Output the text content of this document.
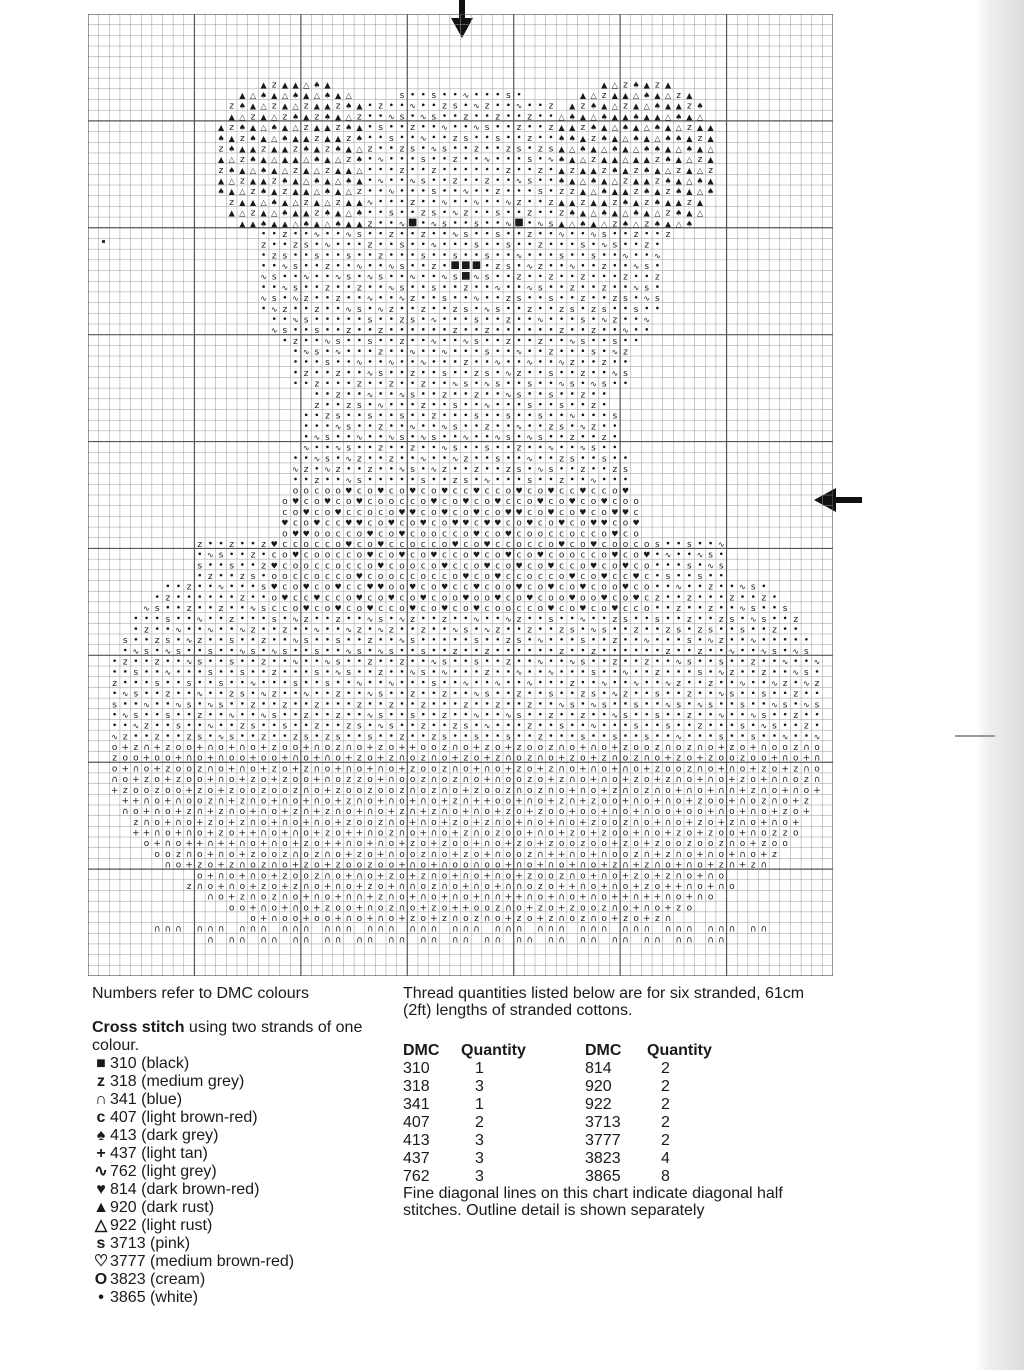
▲ z ▲ ▲ △ ♠ ▲	▲ △ z ♠ ▲ z ▲
▲ △ ♠ ▲ △ ♠ ▲ △ ♠ ▲ △	s	s	∿	s	▲ △ z ▲ ▲ △ ♠ ▲ △ z ▲
z ♠ ▲ △ z ▲ △ z ▲ ▲ z ♠ ▲ z	∿	z s ∿ z	∿	z ▲ z ♠ ▲ △ z ▲ △ ♠ ▲ ▲ z ♠
▲ △ z ▲ △ z ♠ ▲ z ♠ ▲ △ z	∿ s ∿ s	z	z	z	△ ♠ ▲ △ ♠ ▲ ▲ ♠ ▲ ▲ △ ♠ ▲ △
▲ z ♠ ▲ △ ♠ ▲ △ z ▲ ▲ z ♠ ▲ s	z	∿	∿ s	z	z ▲ ▲ z ♠ ▲ △ ♠ ▲ △ ♠ ▲ △ z ▲ ▲
♠ ▲ z ♠ ▲ △ ♠ ▲ ▲ z ▲ ▲ z ♠	s	∿	z s	s	z	♠ ♠ ▲ z ♠ ▲ △ ♠ ▲ △ ♠ ♠ ▲ z ▲
z ♠ ▲ ▲ z ▲ ▲ z ♠ ▲ z ♠ ▲ △ z	z s ∿ s	z	z s z s ▲ △ ♠ ▲ △ ♠ ▲ △ ♠ ♠ ▲ △ ♠ ▲ △
▲ △ z ♠ ▲ △ ▲ ▲ △ ♠ ▲ △ z ♠ ∿	s	z	∿	s ∿ ♠ ▲ △ z ▲ ▲ △ ▲ ▲ z ♠ ▲ △ z ▲
z ♠ ▲ △ ♠ ▲ △ z ▲ △ z ▲ ▲ △	z	z	z	z ▲ z ▲ ▲ z ♠ ▲ z ♠ ▲ △ z ▲ △ z
▲ △ z ▲ ▲ z ♠ ▲ △ ♠ ▲ △ ♠ ▲ ∿	∿ s	z	z	∿ s	♠ ▲ △ ♠ ▲ △ z ▲ ▲ z ♠ ▲ △ ♠ ▲
♠ ▲ △ z ♠ ▲ z ▲ ▲ △ ♠ ▲ △ z	∿	s	∿	z	s z z ▲ △ ♠ ▲ ▲ z ♠ ▲ z ♠ ▲ △ ♠
z ▲ ▲ △ ♠ ▲ △ z ▲ △ z ▲ ▲ ∿	z	∿	∿	∿ z	z ▲ ▲ z ▲ ▲ z ♠ ▲ z ♠ ▲ ▲ z ▲
▲ △ z ▲ △ ♠ ▲ ▲ z ♠ ▲ △ ♠	s	z s ∿ z	s	z	z ♠ ▲ △ ♠ ▲ △ ♠ ▲ △ z ♠ ▲ △
▲ ▲ ♠ ▲ ▲ △ ♠ ▲ △ ♠ ▲ ▲ z	∿	∿ s	s	∿	∿ s ▲ △ ♠ ▲ △ z ♠ △ z ♠ ▲ △ ♠
z	∿	∿ s	z	z	∿ s	s	z	∿	∿ s	z	z
z	z s ∿	z	s	∿	s	s	z	s ∿ s	z
z s	s	s	z	s	s	s	∿	s	s	∿	∿
∿ s	z	∿	∿ s	z	z s ∿ z	∿	z	∿ s
∿ s	∿	∿ s ∿ s	∿	∿ s ∿ s	z	z	z	z	z
∿ s	z	z	∿ s	s	z	∿	∿ s	z	z	∿ s
∿ s ∿ z	z	∿	∿ z	s	∿	z s	s	z	z s ∿ s
∿ z	z	∿ s ∿ z	z	z s ∿ s	z	z s z s	s
∿ s	s	z s ∿	s	z	∿	s ∿ z	∿
∿ s	s	z	z	z	z	z	z	∿
z	∿ s	s	z	∿	∿ s	z	z	∿ s	s
∿ s ∿	z	∿	∿	s	∿	z	s ∿ z
s	∿	∿	∿	z	∿	∿	∿ z	z
z	z	∿ s	z	s	z s ∿ z	s	z	∿ s
z	z	z	z	∿ s ∿ s	s	∿ s ∿ s
z	∿	∿ s	z	z	∿ s	s	z
z	z s ∿	z	s	∿	s	s	z
z s	s	s	z	s	s	s	∿	s
∿ s	z	∿	∿ s	z	∿	z s ∿ z
∿ s	∿	∿ s ∿ s	∿	∿ s ∿ s	z	z
∿	∿ s	z	z	∿ s	s	z	∿	∿ s
∿ s ∿ z	z	∿	∿ z	s	∿	z s	s
∿ z ∿ z	z	∿ s ∿ z	z	z s ∿ s	z	z s
z	∿ s	s	z s ∿	s	z	∿
o o c o o ♥ c o ♥ c o ♥ c o ♥ c c ♥ c c o ♥ c o ♥ c c ♥ c c o ♥
o ♥ c o ♥ c o ♥ c o o c c o ♥ c o ♥ c o ♥ c c o ♥ c o ♥ c o ♥ c o o
c o ♥ c o ♥ c c o c o ♥ ♥ c o ♥ c o ♥ c o ♥ ♥ c o ♥ c o ♥ c o ♥ ♥ c
♥ c o ♥ c c ♥ ♥ c o ♥ c o ♥ c o ♥ ♥ c ♥ ♥ c o ♥ c o ♥ c o ♥ ♥ c o ♥
o ♥ ♥ o o c c o ♥ c o ♥ c o o c c o ♥ c o ♥ c o o c c o c c o ♥ c o
z	z	z ♥ c c o c c o ♥ c o ♥ c c o c c o ♥ c o ♥ c c o c c o ♥ c o ♥ c o o c o s	s	∿
∿ s	z c o ♥ c o o c c o ♥ c o ♥ c o ♥ c c o ♥ c o ♥ c o ♥ c o o c c o ♥ c o ♥ ∿	∿ s
s	s	z ♥ c o o c c o c c o ♥ c o o c o ♥ c c o ♥ c o ♥ c o ♥ c c o ♥ c o ♥ c o	s ∿ s
z	z s o o c c o c c o ♥ c o o c c o c c o ♥ c o ♥ c c o c c o ♥ c o ♥ c c ♥ c s	s
z	∿	s ♥ c o ♥ c o ♥ c c ♥ ♥ o o ♥ c o ♥ c c ♥ c o o ♥ c o ♥ c o ♥ c o o ♥ c o	∿	z	∿ s
z	z	o ♥ c c ♥ c c o ♥ c o ♥ c o ♥ c o o ♥ o o ♥ c o ♥ c o o ♥ o o ♥ c o ♥ c z	z	z	z
∿ s	z	z	∿ s c c o ♥ c o ♥ c o ♥ c c o ♥ c o ♥ c o ♥ c o o c c o ♥ c o ♥ c o ♥ c c o	z	z	∿ s	s
s	∿	z	s ∿ z	z	∿ s ∿ z	z	∿	∿ z	s	∿	z s	s	z	z s ∿ s	z
z	∿	∿	∿ z	z	∿	∿ z ∿ z	z	∿ s ∿ z	z	z s ∿ s	z	z s z s	s	z
s	z s ∿ z	s	z	∿ s	s	z	∿ s	s	z s ∿	s	z	∿	s ∿ z	∿
∿ s ∿ s	s	∿ s ∿ s	s	∿ s ∿ s	s	z	z	z	z	z	z	∿	∿ s ∿ s
z	z	∿ s	s	z	∿	∿ s	z	z	∿ s	s	z	∿	∿ s	z	z	∿ s	s	z	∿	∿
s	∿	s	s	z	s ∿ s	z	∿ s ∿	z	∿	∿	s	∿	z	s ∿ z	z	∿ s
z	s	s	s	∿	s	s	∿	∿	s	∿	∿	∿	z	∿	∿	∿ z	z	∿	∿ z ∿ z
∿ s	z	∿	z s ∿ z	∿	z	∿ s	z	z	∿ s	z	s	z s ∿ z	s	z	∿ s	s	z
s	∿	∿ s ∿ s	z	z	z	z	z	z	z	z	z	∿ s ∿ s	s	∿ s ∿ s	s	∿ s ∿ s
∿ s	s	z	∿	∿ s	z	z	∿ s	s	z	∿	∿ s	z	z	∿ s	s	z	∿	∿ s	z
∿ z	s	∿	z s	s	z	z s ∿ s	z	z s ∿	z	s	∿	s	s	z	s ∿ s	z
∿ z	z	z s ∿ s	z	z s z s	s	z	z s	s	s	z	s	s	s	∿	s	s	∿	∿
o + z ∩ + z o o + ∩ o + ∩ o + z o o + ∩ o z ∩ o + z o + + o o z ∩ o + z o + z o o z ∩ o + ∩ o + z o o z ∩ o z ∩ o + z o + ∩ o o z ∩ o
z o o + o o + ∩ o + ∩ o o + o o + ∩ o + ∩ o + z o + z ∩ o z ∩ o + z o + z ∩ o z ∩ o + z o + z ∩ o z ∩ o + z o + z o o z o o + ∩ o + ∩
o + ∩ o + z o o z ∩ o + ∩ o + z o + z ∩ o + ∩ o + ∩ o + z o o z ∩ o + ∩ o + z o + z ∩ o + ∩ o + ∩ o + z o o z ∩ o + ∩ o + z o + z ∩ o
∩ o + z o + z o o + ∩ o + z o + z o o + ∩ o z z o + ∩ o o z ∩ o z ∩ o + ∩ o o z o + z ∩ o + ∩ o + z o + z ∩ o + ∩ o + z o + ∩ ∩ o z ∩
+ z o o z o o + z o + z o o z o o z ∩ o + z o o z o o z ∩ o z ∩ o + z o o z ∩ o z ∩ o + ∩ o + z ∩ o z ∩ o + ∩ o + ∩ ∩ + z ∩ o + ∩ o +
+ + ∩ o + ∩ o o z ∩ + z ∩ o + ∩ o + ∩ o + z ∩ o + ∩ o + ∩ o + z ∩ + + o o + ∩ o + z ∩ + z o o + ∩ o + ∩ o + z o o + ∩ o z ∩ o + z
∩ o + ∩ o + z ∩ + z ∩ o + ∩ o + z ∩ + z ∩ o + ∩ o + z ∩ + z ∩ o + ∩ o + z o + z o o + o o + ∩ o + ∩ o o + o o + ∩ o + ∩ o + z o +
z ∩ o + ∩ o + z o + z ∩ o + ∩ o + ∩ o + z o o z ∩ o + ∩ o + z o + z ∩ o + ∩ o + ∩ o + z o o z ∩ o + ∩ o + z o + z ∩ o + ∩ o +
+ + ∩ o + ∩ o + z o + + ∩ o + ∩ o + z o + + ∩ o z ∩ o + ∩ o + z ∩ o z o o + ∩ o + z o + z o o + ∩ o + z o + z o o + ∩ o z z o
o + ∩ o + + ∩ + + ∩ o + ∩ o + z o + + ∩ o + ∩ o + z o + z o o + ∩ o + z o + z o o z o o + z o + z o o z o o z ∩ o + z o o
o o z ∩ o + ∩ o + z o o z ∩ o z ∩ o + z o + ∩ o o z ∩ o + z o + ∩ o o z ∩ + + ∩ o + ∩ o o z ∩ + z ∩ o + ∩ o + ∩ o + z
∩ o + z o + z ∩ o z ∩ o + z o + z o o z o o + ∩ o + ∩ o o ∩ o o + ∩ o + ∩ o + ∩ o + z ∩ + z ∩ o + ∩ o + z ∩ + z ∩
o + ∩ o + ∩ o + z o o z ∩ o + ∩ o + z o + z ∩ o + ∩ o + ∩ o + z o o z ∩ o + ∩ o + z o + z ∩ o + ∩ o
z ∩ o + ∩ o + z o + z ∩ o + ∩ o + z o + ∩ ∩ o z ∩ o + ∩ o + ∩ ∩ o z o + + ∩ o + ∩ o + z o + + ∩ o + ∩ o
∩ o + z ∩ o z ∩ o + ∩ o + ∩ ∩ + z ∩ o + ∩ o + ∩ o + ∩ ∩ + + ∩ o + ∩ o + ∩ o + + ∩ + + ∩ o + ∩ o
o o + ∩ o + ∩ o + z o o + ∩ o z ∩ o + z o + + o o z ∩ o + z o + z o o z ∩ o + ∩ o + z o
o + ∩ o o + o o + ∩ o + ∩ o + z o + z ∩ o z ∩ o + z o + z ∩ o z ∩ o + z o + z ∩
∩ ∩ ∩ ∩ ∩ ∩ ∩ ∩ ∩ ∩ ∩ ∩ ∩ ∩ ∩ ∩ ∩ ∩ ∩ ∩ ∩ ∩ ∩ ∩ ∩ ∩ ∩ ∩ ∩ ∩ ∩ ∩ ∩ ∩ ∩ ∩ ∩ ∩ ∩ ∩ ∩ ∩ ∩ ∩
∩ ∩ ∩ ∩ ∩ ∩ ∩ ∩ ∩ ∩ ∩ ∩ ∩ ∩ ∩ ∩ ∩ ∩ ∩ ∩ ∩ ∩ ∩ ∩ ∩ ∩ ∩ ∩ ∩ ∩ ∩ ∩ ∩

Numbers refer to DMC colours

Cross stitch using two strands of one colour.

■ 310 (black)
z 318 (medium grey)
∩ 341 (blue)
c 407 (light brown-red)
♠ 413 (dark grey)
+ 437 (light tan)
∿ 762 (light grey)
♥ 814 (dark brown-red)
▲920 (dark rust)
△ 922 (light rust)
s 3713 (pink)
♡ 3777 (medium brown-red)
O 3823 (cream)
• 3865 (white)

Thread quantities listed below are for six stranded, 61cm (2ft) lengths of stranded cottons.

DMC	Quantity	DMC	Quantity
310	1	814	2
318	3	920	2
341	1	922	2
407	2	3713	2
413	3	3777	2
437	3	3823	4
762	3	3865	8

Fine diagonal lines on this chart indicate diagonal half stitches. Outline detail is shown separately
